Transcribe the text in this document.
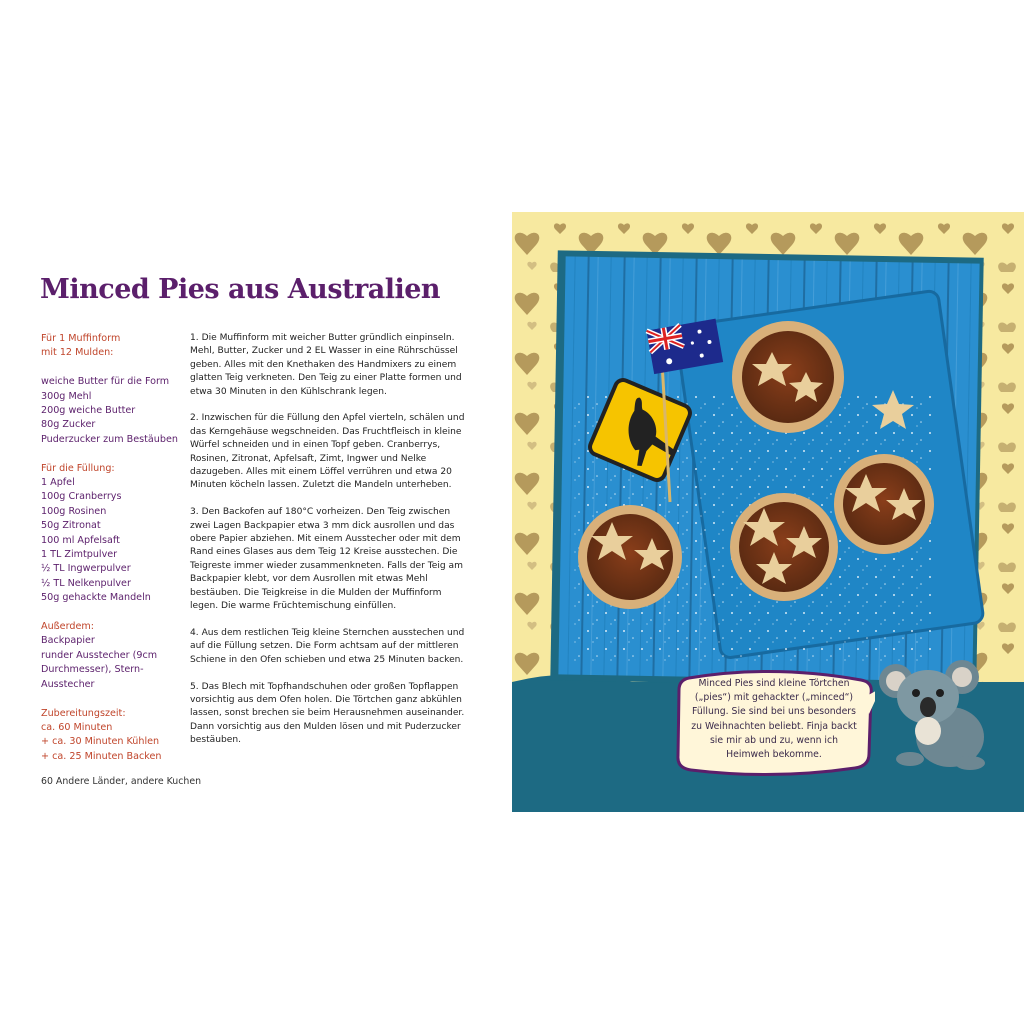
Minced Pies aus Australien
Für 1 Muffinform
mit 12 Mulden:
weiche Butter für die Form
300g Mehl
200g weiche Butter
80g Zucker
Puderzucker zum Bestäuben
Für die Füllung:
1 Apfel
100g Cranberrys
100g Rosinen
50g Zitronat
100 ml Apfelsaft
1 TL Zimtpulver
½ TL Ingwerpulver
½ TL Nelkenpulver
50g gehackte Mandeln
Außerdem:
Backpapier
runder Ausstecher (9cm
Durchmesser), Stern-Ausstecher
Zubereitungszeit:
ca. 60 Minuten
+ ca. 30 Minuten Kühlen
+ ca. 25 Minuten Backen

1. Die Muffinform mit weicher Butter gründlich einpinseln. Mehl, Butter, Zucker und 2 EL Wasser in eine Rührschüssel geben. Alles mit den Knethaken des Handmixers zu einem glatten Teig verkneten. Den Teig zu einer Platte formen und etwa 30 Minuten in den Kühlschrank legen.

2. Inzwischen für die Füllung den Apfel vierteln, schälen und das Kerngehäuse wegschneiden. Das Fruchtfleisch in kleine Würfel schneiden und in einen Topf geben. Cranberrys, Rosinen, Zitronat, Apfelsaft, Zimt, Ingwer und Nelke dazugeben. Alles mit einem Löffel verrühren und etwa 20 Minuten köcheln lassen. Zuletzt die Mandeln unterheben.

3. Den Backofen auf 180°C vorheizen. Den Teig zwischen zwei Lagen Backpapier etwa 3 mm dick ausrollen und das obere Papier abziehen. Mit einem Ausstecher oder mit dem Rand eines Glases aus dem Teig 12 Kreise ausstechen. Die Teigreste immer wieder zusammenkneten. Falls der Teig am Backpapier klebt, vor dem Ausrollen mit etwas Mehl bestäuben. Die Teigkreise in die Mulden der Muffinform legen. Die warme Früchtemischung einfüllen.

4. Aus dem restlichen Teig kleine Sternchen ausstechen und auf die Füllung setzen. Die Form achtsam auf der mittleren Schiene in den Ofen schieben und etwa 25 Minuten backen.

5. Das Blech mit Topfhandschuhen oder großen Topflappen vorsichtig aus dem Ofen holen. Die Törtchen ganz abkühlen lassen, sonst brechen sie beim Herausnehmen auseinander. Dann vorsichtig aus den Mulden lösen und mit Puderzucker bestäuben.

60 Andere Länder, andere Kuchen
Minced Pies sind kleine Törtchen („pies“) mit gehackter („minced“) Füllung. Sie sind bei uns besonders zu Weihnachten beliebt. Finja backt sie mir ab und zu, wenn ich Heimweh bekomme.
